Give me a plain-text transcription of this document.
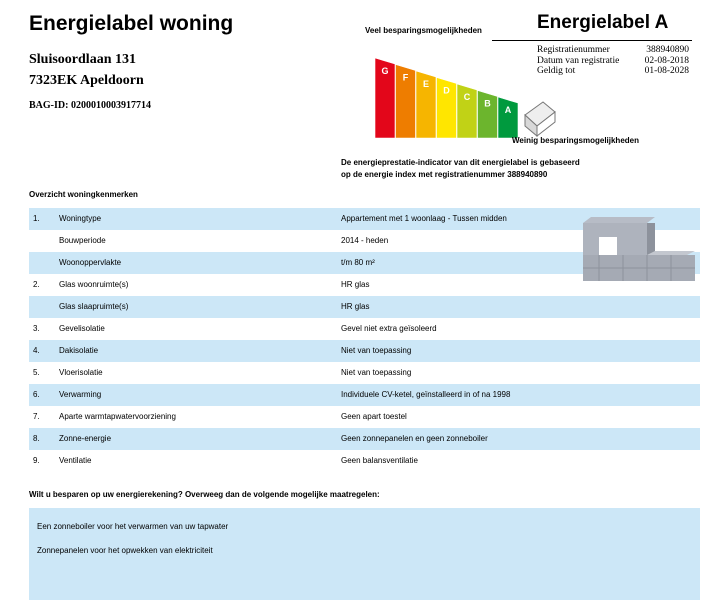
Energielabel woning
Sluisoordlaan 131
7323EK Apeldoorn
BAG-ID: 0200010003917714
Veel besparingsmogelijkheden
G
F
E
D
C
B
A
Weinig besparingsmogelijkheden
Energielabel A
Registratienummer	388940890
Datum van registratie	02-08-2018
Geldig tot	01-08-2028
De energieprestatie-indicator van dit energielabel is gebaseerd
op de energie index met registratienummer 388940890
Overzicht woningkenmerken
1. Woningtype	Appartement met 1 woonlaag - Tussen midden
Bouwperiode	2014 - heden
Woonoppervlakte	t/m 80 m²
2. Glas woonruimte(s)	HR glas
Glas slaapruimte(s)	HR glas
3. Gevelisolatie	Gevel niet extra geïsoleerd
4. Dakisolatie	Niet van toepassing
5. Vloerisolatie	Niet van toepassing
6. Verwarming	Individuele CV-ketel, geïnstalleerd in of na 1998
7. Aparte warmtapwatervoorziening	Geen apart toestel
8. Zonne-energie	Geen zonnepanelen en geen zonneboiler
9. Ventilatie	Geen balansventilatie
Wilt u besparen op uw energierekening? Overweeg dan de volgende mogelijke maatregelen:
Een zonneboiler voor het verwarmen van uw tapwater
Zonnepanelen voor het opwekken van elektriciteit
